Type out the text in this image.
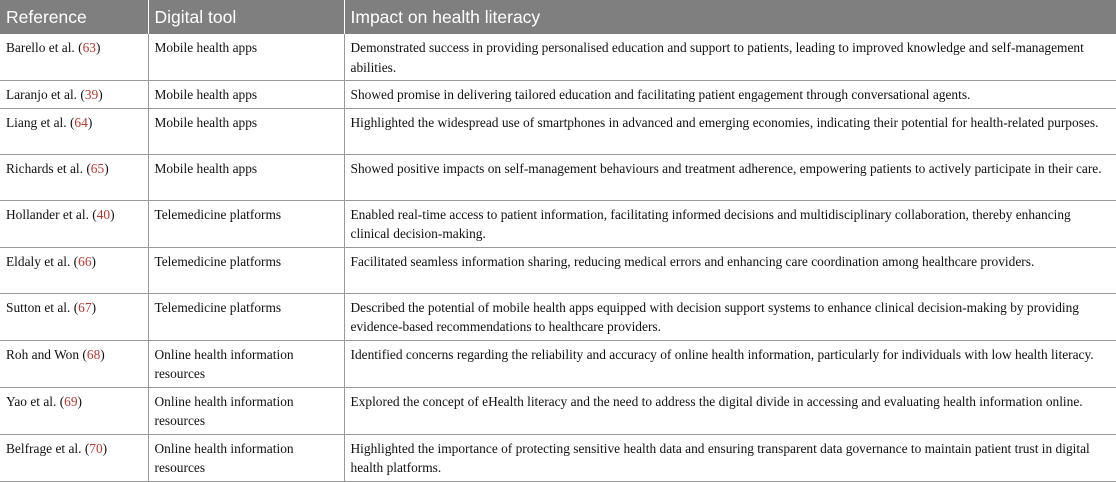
Reference	Digital tool	Impact on health literacy
Barello et al. (63)	Mobile health apps	Demonstrated success in providing personalised education and support to patients, leading to improved knowledge and self-management abilities.
Laranjo et al. (39)	Mobile health apps	Showed promise in delivering tailored education and facilitating patient engagement through conversational agents.
Liang et al. (64)	Mobile health apps	Highlighted the widespread use of smartphones in advanced and emerging economies, indicating their potential for health-related purposes.
Richards et al. (65)	Mobile health apps	Showed positive impacts on self-management behaviours and treatment adherence, empowering patients to actively participate in their care.
Hollander et al. (40)	Telemedicine platforms	Enabled real-time access to patient information, facilitating informed decisions and multidisciplinary collaboration, thereby enhancing clinical decision-making.
Eldaly et al. (66)	Telemedicine platforms	Facilitated seamless information sharing, reducing medical errors and enhancing care coordination among healthcare providers.
Sutton et al. (67)	Telemedicine platforms	Described the potential of mobile health apps equipped with decision support systems to enhance clinical decision-making by providing evidence-based recommendations to healthcare providers.
Roh and Won (68)	Online health information resources	Identified concerns regarding the reliability and accuracy of online health information, particularly for individuals with low health literacy.
Yao et al. (69)	Online health information resources	Explored the concept of eHealth literacy and the need to address the digital divide in accessing and evaluating health information online.
Belfrage et al. (70)	Online health information resources	Highlighted the importance of protecting sensitive health data and ensuring transparent data governance to maintain patient trust in digital health platforms.
